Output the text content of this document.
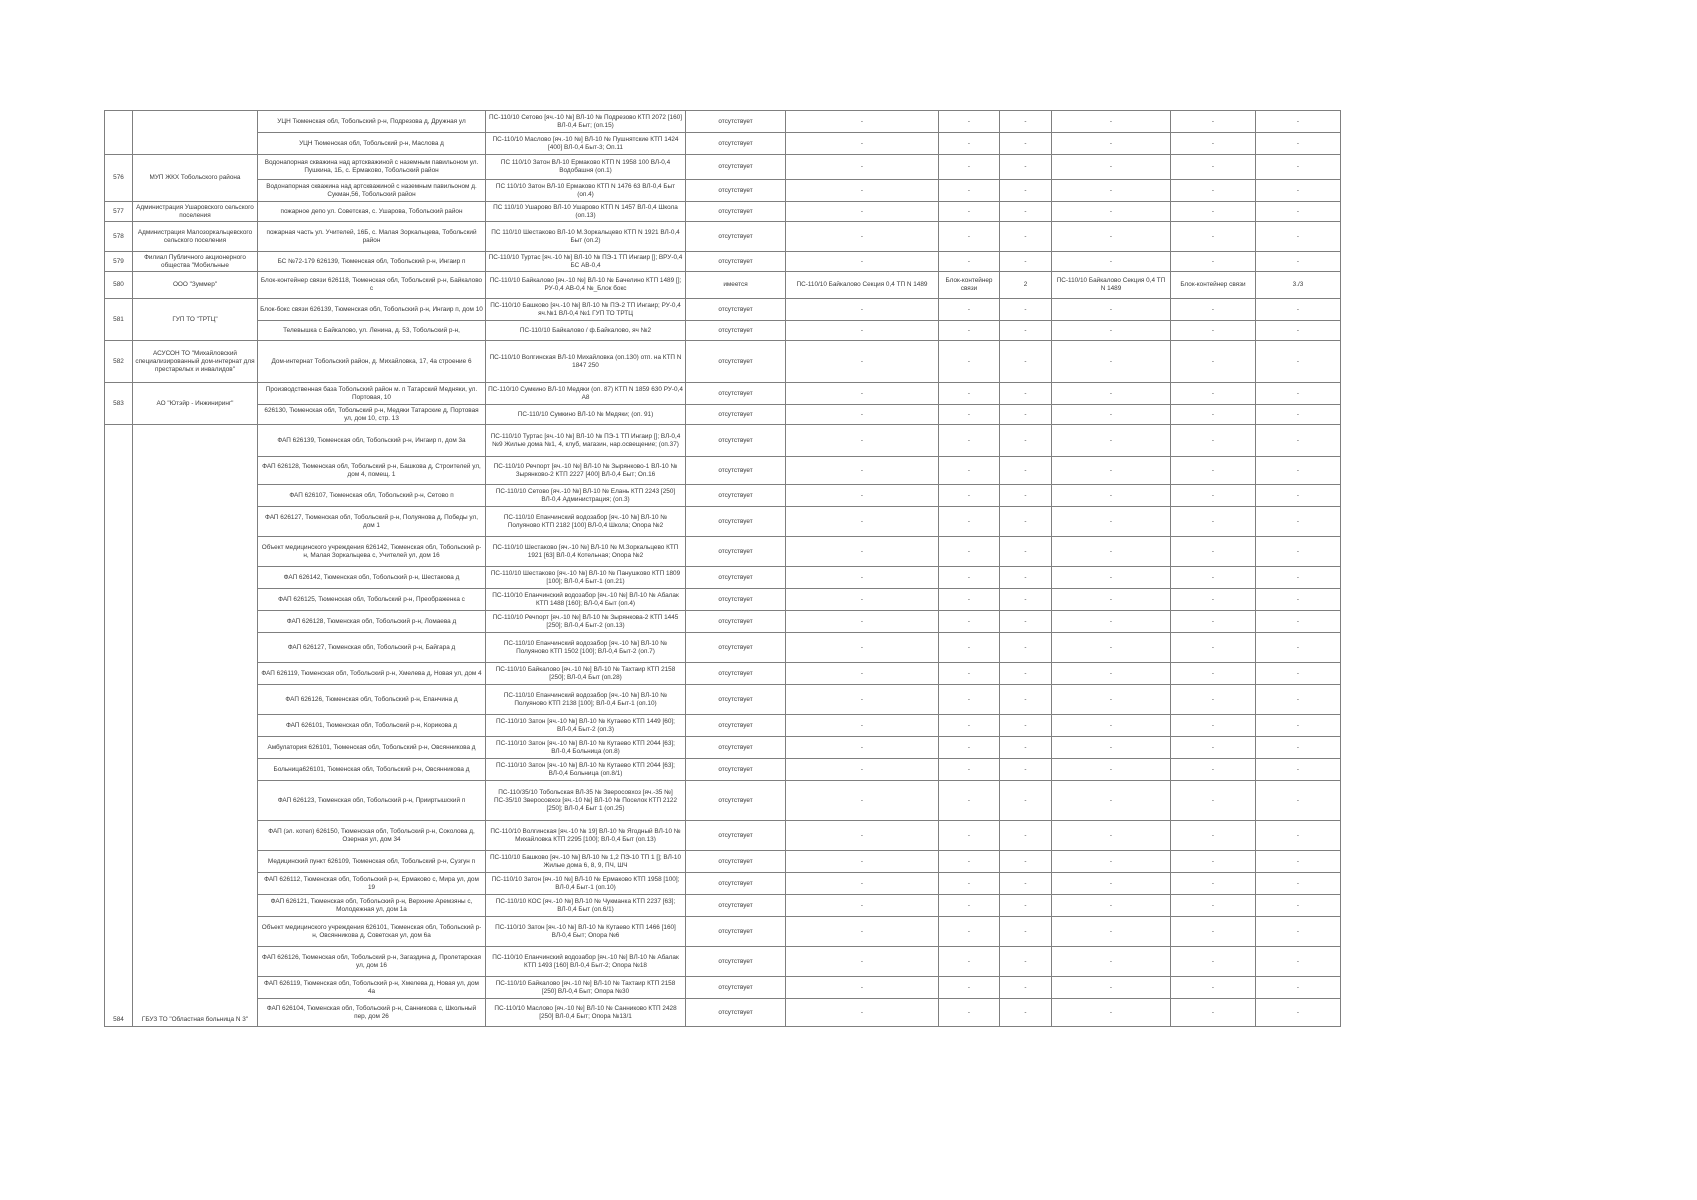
		УЦН Тюменская обл, Тобольский р-н, Подрезова д, Дружная ул	ПС-110/10 Сетово [яч.-10 №] ВЛ-10 № Подрезово КТП 2072 [160] ВЛ-0,4 Быт; (оп.15)	отсутствует	-	-	-	-	-	-
		УЦН Тюменская обл, Тобольский р-н, Маслова д	ПС-110/10 Маслово [яч.-10 №] ВЛ-10 № Пушнятские КТП 1424 [400] ВЛ-0,4 Быт-3; Оп.11	отсутствует	-	-	-	-	-	-
576	МУП ЖКХ Тобольского района	Водонапорная скважина над артскважиной с наземным павильоном ул. Пушкина, 1Б, с. Ермаково, Тобольский район	ПС 110/10 Затон ВЛ-10 Ермаково КТП N 1958 100 ВЛ-0,4 Водобашня (оп.1)	отсутствует	-	-	-	-	-	-
		Водонапорная скважина над артскважиной с наземным павильоном д. Сукман,56, Тобольский район	ПС 110/10 Затон ВЛ-10 Ермаково КТП N 1476 63 ВЛ-0,4 Быт (оп.4)	отсутствует	-	-	-	-	-	-
577	Администрация Ушаровского сельского поселения	пожарное депо ул. Советская, с. Ушарова, Тобольский район	ПС 110/10 Ушарово ВЛ-10 Ушарово КТП N 1457 ВЛ-0,4 Школа (оп.13)	отсутствует	-	-	-	-	-	-
578	Администрация Малозоркальцевского сельского поселения	пожарная часть ул. Учителей, 16Б, с. Малая Зоркальцева, Тобольский район	ПС 110/10 Шестаково ВЛ-10 М.Зоркальцево КТП N 1921 ВЛ-0,4 Быт (оп.2)	отсутствует	-	-	-	-	-	-
579	Филиал Публичного акционерного общества "Мобильные	БС №72-179 626139, Тюменская обл, Тобольский р-н, Ингаир п	ПС-110/10 Туртас [яч.-10 №] ВЛ-10 № ПЭ-1 ТП Ингаир []; ВРУ-0,4 БС АВ-0,4	отсутствует	-	-	-	-	-	-
580	ООО "Зуммер"	Блок-контейнер связи 626118, Тюменская обл, Тобольский р-н, Байкалово с	ПС-110/10 Байкалово [яч.-10 №] ВЛ-10 № Бачелино КТП 1489 []; РУ-0,4 АВ-0,4 №_Блок бокс	имеется	ПС-110/10 Байкалово Секция 0,4 ТП N 1489	Блок-контейнер связи	2	ПС-110/10 Байкалово Секция 0,4 ТП N 1489	Блок-контейнер связи	3./3
581	ГУП ТО "ТРТЦ"	Блок-бокс связи 626139, Тюменская обл, Тобольский р-н, Ингаир п, дом 10	ПС-110/10 Башково [яч.-10 №] ВЛ-10 № ПЭ-2 ТП Ингаир; РУ-0,4 яч.№1 ВЛ-0,4 №1 ГУП ТО ТРТЦ	отсутствует	-	-	-	-	-	-
		Телевышка с Байкалово, ул. Ленина, д. 53, Тобольский р-н,	ПС-110/10 Байкалово / ф.Байкалово, яч №2	отсутствует	-	-	-	-	-	-
582	АСУСОН ТО "Михайловский специализированный дом-интернат для престарелых и инвалидов"	Дом-интернат Тобольский район, д. Михайловка, 17, 4а строение 6	ПС-110/10 Волгинская ВЛ-10 Михайловка (оп.130) отп. на КТП N 1847 250	отсутствует	-	-	-	-	-	-
583	АО "Ютэйр - Инжиниринг"	Производственная база Тобольский район м. п Татарский Медняки, ул. Портовая, 10	ПС-110/10 Сумкино ВЛ-10 Медяки (оп. 87) КТП N 1859 630 РУ-0,4 А8	отсутствует	-	-	-	-	-	-
		626130, Тюменская обл, Тобольский р-н, Медяки Татарские д, Портовая ул, дом 10, стр. 13	ПС-110/10 Сумкино ВЛ-10 № Медяки; (оп. 91)	отсутствует	-	-	-	-	-	-
584	ГБУЗ ТО "Областная больница N 3"	ФАП 626139, Тюменская обл, Тобольский р-н, Ингаир п, дом 3а	ПС-110/10 Туртас [яч.-10 №] ВЛ-10 № ПЭ-1 ТП Ингаир []; ВЛ-0,4 №9 Жилые дома №1, 4, клуб, магазин, нар.освещение; (оп.37)	отсутствует	-	-	-	-	-	-
		ФАП 626128, Тюменская обл, Тобольский р-н, Башкова д, Строителей ул, дом 4, помещ. 1	ПС-110/10 Речпорт [яч.-10 №] ВЛ-10 № Зырянково-1 ВЛ-10 № Зырянково-2 КТП 2227 [400] ВЛ-0,4 Быт; Оп.16	отсутствует	-	-	-	-	-	-
		ФАП 626107, Тюменская обл, Тобольский р-н, Сетово п	ПС-110/10 Сетово [яч.-10 №] ВЛ-10 № Елань КТП 2243 [250] ВЛ-0,4 Администрация; (оп.3)	отсутствует	-	-	-	-	-	-
		ФАП 626127, Тюменская обл, Тобольский р-н, Полуянова д, Победы ул, дом 1	ПС-110/10 Епанчинский водозабор [яч.-10 №] ВЛ-10 № Полуяново КТП 2182 [100] ВЛ-0,4 Школа; Опора №2	отсутствует	-	-	-	-	-	-
		Объект медицинского учреждения 626142, Тюменская обл, Тобольский р-н, Малая Зоркальцева с, Учителей ул, дом 16	ПС-110/10 Шестаково [яч.-10 №] ВЛ-10 № М.Зоркальцево КТП 1921 [63] ВЛ-0,4 Котельная; Опора №2	отсутствует	-	-	-	-	-	-
		ФАП 626142, Тюменская обл, Тобольский р-н, Шестакова д	ПС-110/10 Шестаково [яч.-10 №] ВЛ-10 № Панушково КТП 1809 [100]; ВЛ-0,4 Быт-1 (оп.21)	отсутствует	-	-	-	-	-	-
		ФАП 626125, Тюменская обл, Тобольский р-н, Преображенка с	ПС-110/10 Епанчинский водозабор [яч.-10 №] ВЛ-10 № Абалак КТП 1488 [160]; ВЛ-0,4 Быт (оп.4)	отсутствует	-	-	-	-	-	-
		ФАП 626128, Тюменская обл, Тобольский р-н, Ломаева д	ПС-110/10 Речпорт [яч.-10 №] ВЛ-10 № Зырянкова-2 КТП 1445 [250]; ВЛ-0,4 Быт-2 (оп.13)	отсутствует	-	-	-	-	-	-
		ФАП 626127, Тюменская обл, Тобольский р-н, Байгара д	ПС-110/10 Епанчинский водозабор [яч.-10 №] ВЛ-10 № Полуяново КТП 1502 [100]; ВЛ-0,4 Быт-2 (оп.7)	отсутствует	-	-	-	-	-	-
		ФАП 626119, Тюменская обл, Тобольский р-н, Хмелева д, Новая ул, дом 4	ПС-110/10 Байкалово [яч.-10 №] ВЛ-10 № Тахтаир КТП 2158 [250]; ВЛ-0,4 Быт (оп.28)	отсутствует	-	-	-	-	-	-
		ФАП 626126, Тюменская обл, Тобольский р-н, Епанчина д	ПС-110/10 Епанчинский водозабор [яч.-10 №] ВЛ-10 № Полуяново КТП 2138 [100]; ВЛ-0,4 Быт-1 (оп.10)	отсутствует	-	-	-	-	-	-
		ФАП 626101, Тюменская обл, Тобольский р-н, Корикова д	ПС-110/10 Затон [яч.-10 №] ВЛ-10 № Кутаево КТП 1449 [60]; ВЛ-0,4 Быт-2 (оп.3)	отсутствует	-	-	-	-	-	-
		Амбулатория 626101, Тюменская обл, Тобольский р-н, Овсянникова д	ПС-110/10 Затон [яч.-10 №] ВЛ-10 № Кутаево КТП 2044 [63]; ВЛ-0,4 Больница (оп.8)	отсутствует	-	-	-	-	-	-
		Больница626101, Тюменская обл, Тобольский р-н, Овсянникова д	ПС-110/10 Затон [яч.-10 №] ВЛ-10 № Кутаево КТП 2044 [63]; ВЛ-0,4 Больница (оп.8/1)	отсутствует	-	-	-	-	-	-
		ФАП 626123, Тюменская обл, Тобольский р-н, Прииртышский п	ПС-110/35/10 Тобольская ВЛ-35 № Зверосовхоз [яч.-35 №] ПС-35/10 Зверосовхоз [яч.-10 №] ВЛ-10 № Поселок КТП 2122 [250]; ВЛ-0,4 Быт 1 (оп.25)	отсутствует	-	-	-	-	-	-
		ФАП (эл. котел) 626150, Тюменская обл, Тобольский р-н, Соколова д, Озерная ул, дом 34	ПС-110/10 Волгинская [яч.-10 № 19] ВЛ-10 № Ягодный ВЛ-10 № Михайловка КТП 2295 [100]; ВЛ-0,4 Быт (оп.13)	отсутствует	-	-	-	-	-	-
		Медицинский пункт 626109, Тюменская обл, Тобольский р-н, Сузгун п	ПС-110/10 Башково [яч.-10 №] ВЛ-10 № 1,2 ПЭ-10 ТП 1 []; ВЛ-10 Жилые дома 6, 8, 9, ПЧ, ШЧ	отсутствует	-	-	-	-	-	-
		ФАП 626112, Тюменская обл, Тобольский р-н, Ермаково с, Мира ул, дом 19	ПС-110/10 Затон [яч.-10 №] ВЛ-10 № Ермаково КТП 1958 [100]; ВЛ-0,4 Быт-1 (оп.10)	отсутствует	-	-	-	-	-	-
		ФАП 626121, Тюменская обл, Тобольский р-н, Верхние Аремзяны с, Молодежная ул, дом 1а	ПС-110/10 КОС [яч.-10 №] ВЛ-10 № Чукманка КТП 2237 [63]; ВЛ-0,4 Быт (оп.6/1)	отсутствует	-	-	-	-	-	-
		Объект медицинского учреждения 626101, Тюменская обл, Тобольский р-н, Овсянникова д, Советская ул, дом 6а	ПС-110/10 Затон [яч.-10 №] ВЛ-10 № Кутаево КТП 1466 [160] ВЛ-0,4 Быт; Опора №6	отсутствует	-	-	-	-	-	-
		ФАП 626126, Тюменская обл, Тобольский р-н, Загаздина д, Пролетарская ул, дом 16	ПС-110/10 Епанчинский водозабор [яч.-10 №] ВЛ-10 № Абалак КТП 1493 [160] ВЛ-0,4 Быт-2; Опора №18	отсутствует	-	-	-	-	-	-
		ФАП 626119, Тюменская обл, Тобольский р-н, Хмелева д, Новая ул, дом 4а	ПС-110/10 Байкалово [яч.-10 №] ВЛ-10 № Тахтаир КТП 2158 [250] ВЛ-0,4 Быт; Опора №30	отсутствует	-	-	-	-	-	-
		ФАП 626104, Тюменская обл, Тобольский р-н, Санникова с, Школьный пер, дом 26	ПС-110/10 Маслово [яч.-10 №] ВЛ-10 № Санниково КТП 2428 [250] ВЛ-0,4 Быт; Опора №13/1	отсутствует	-	-	-	-	-	-
